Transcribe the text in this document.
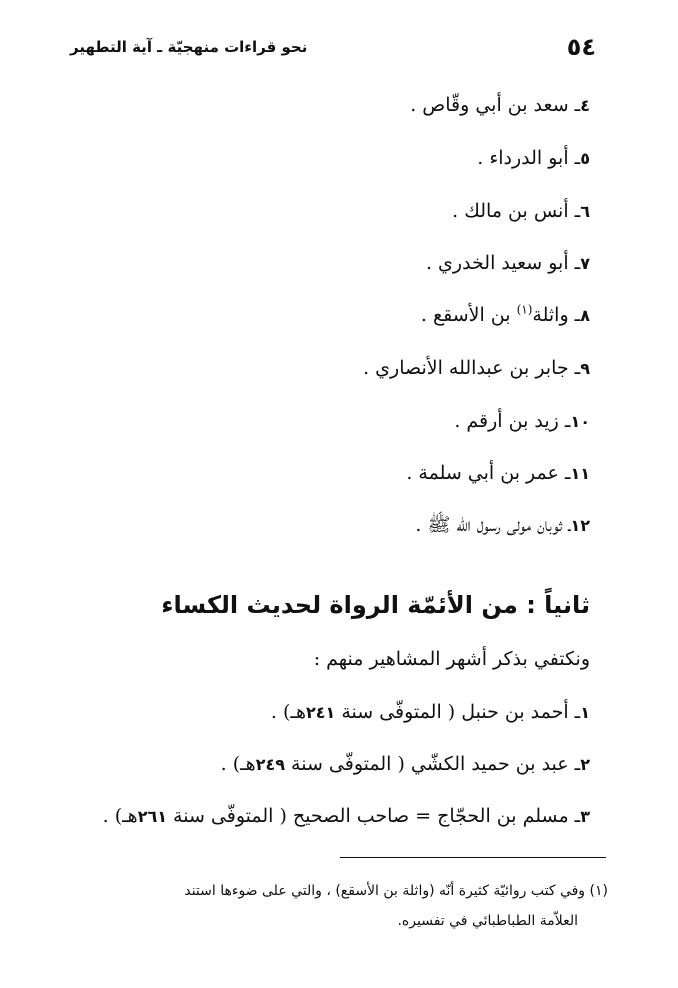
٥٤
نحو قراءات منهجيّة ـ آية التطهير
٤ـ سعد بن أبي وقّاص .
٥ـ أبو الدرداء .
٦ـ أنس بن مالك .
٧ـ أبو سعيد الخدري .
٨ـ واثلة$^{(١)}$ بن الأسقع .
٩ـ جابر بن عبدالله الأنصاري .
١٠ـ زيد بن أرقم .
١١ـ عمر بن أبي سلمة .
١٢ـ ثوبان مولى رسول الله ﷺ .
ثانياً : من الأئمّة الرواة لحديث الكساء
ونكتفي بذكر أشهر المشاهير منهم :
١ـ أحمد بن حنبل ( المتوفّى سنة ٢٤١هـ) .
٢ـ عبد بن حميد الكشّي ( المتوفّى سنة ٢٤٩هـ) .
٣ـ مسلم بن الحجّاج = صاحب الصحيح ( المتوفّى سنة ٢٦١هـ) .
(١) وفي كتب روائيّة كثيرة أنّه (واثلة بن الأسقع) ، والتي على ضوءها استند
العلاّمة الطباطبائي في تفسيره.
